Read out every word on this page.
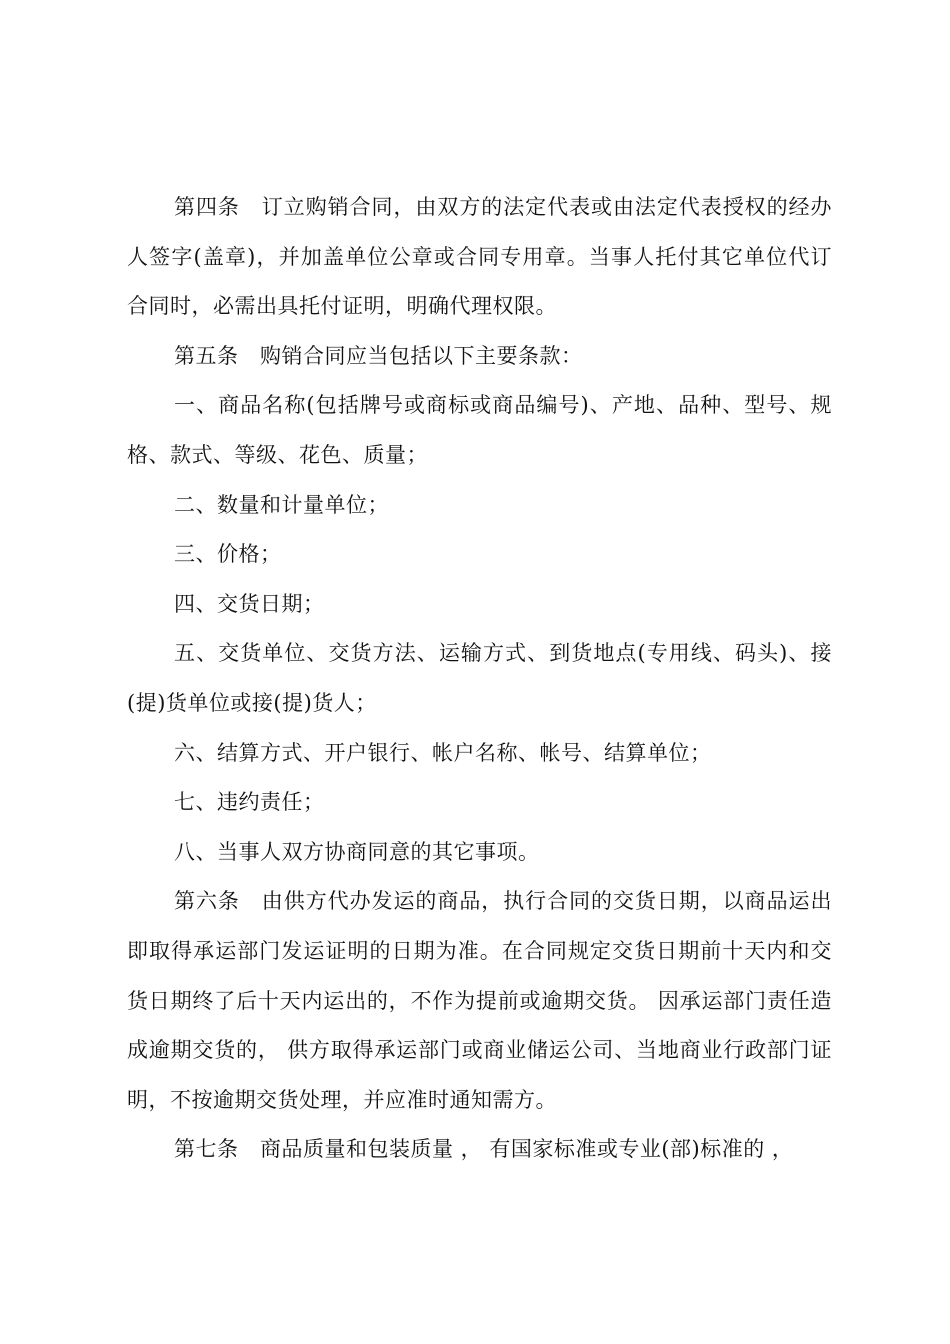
第四条　订立购销合同，由双方的法定代表或由法定代表授权的经办人签字(盖章)，并加盖单位公章或合同专用章。当事人托付其它单位代订合同时，必需出具托付证明，明确代理权限。

第五条　购销合同应当包括以下主要条款：

一、商品名称(包括牌号或商标或商品编号)、产地、品种、型号、规格、款式、等级、花色、质量；

二、数量和计量单位；

三、价格；

四、交货日期；

五、交货单位、交货方法、运输方式、到货地点(专用线、码头)、接(提)货单位或接(提)货人；

六、结算方式、开户银行、帐户名称、帐号、结算单位；

七、违约责任；

八、当事人双方协商同意的其它事项。

第六条　由供方代办发运的商品，执行合同的交货日期，以商品运出即取得承运部门发运证明的日期为准。在合同规定交货日期前十天内和交货日期终了后十天内运出的，不作为提前或逾期交货。 因承运部门责任造成逾期交货的， 供方取得承运部门或商业储运公司、当地商业行政部门证明，不按逾期交货处理，并应准时通知需方。

第七条　商品质量和包装质量 ， 有国家标准或专业(部)标准的 ，
